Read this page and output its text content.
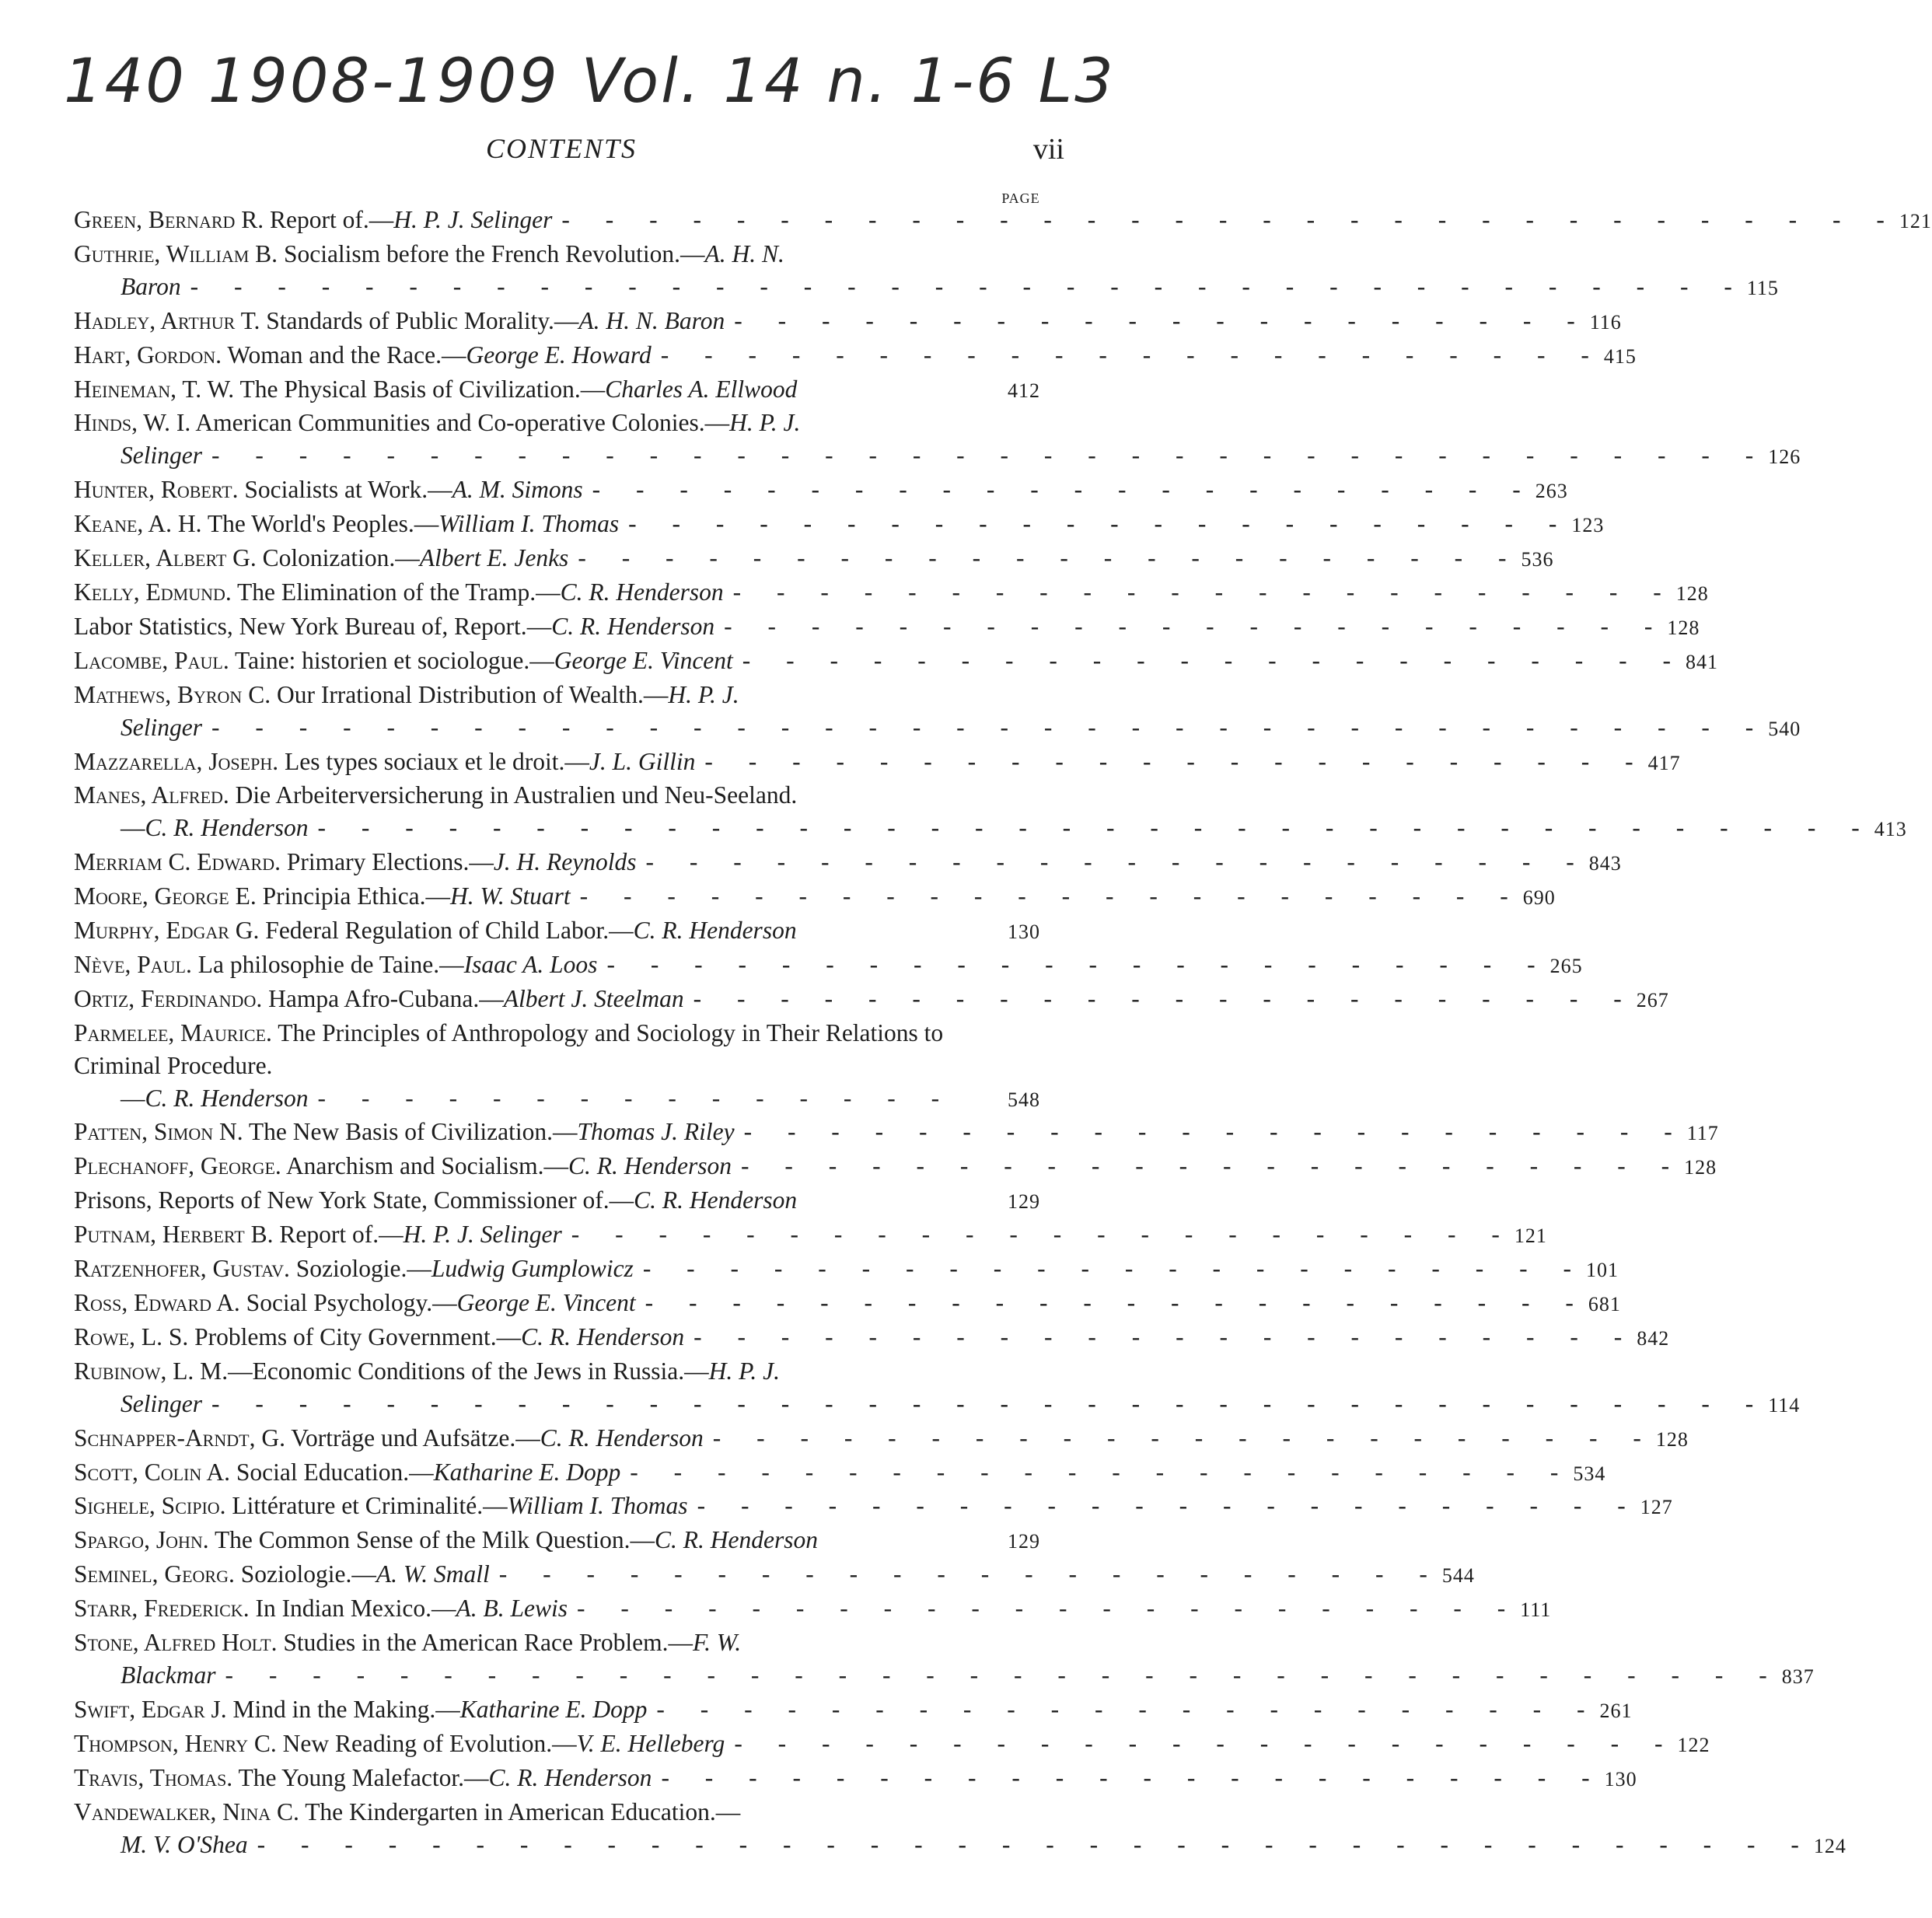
140 1908-1909 Vol. 14 n. 1-6 L3
CONTENTS	vii
PAGE
Green, Bernard R. Report of.—H. P. J. Selinger - - - - - - - - - - - - - - - - - - - - - - - - - - - - - - - 121
Guthrie, William B. Socialism before the French Revolution.—A. H. N.
Baron - - - - - - - - - - - - - - - - - - - - - - - - - - - - - - - - - - - - 115
Hadley, Arthur T. Standards of Public Morality.—A. H. N. Baron - - - - - - - - - - - - - - - - - - - - 116
Hart, Gordon. Woman and the Race.—George E. Howard - - - - - - - - - - - - - - - - - - - - - - 415
Heineman, T. W. The Physical Basis of Civilization.—Charles A. Ellwood	412
Hinds, W. I. American Communities and Co-operative Colonies.—H. P. J.
Selinger - - - - - - - - - - - - - - - - - - - - - - - - - - - - - - - - - - - - 126
Hunter, Robert. Socialists at Work.—A. M. Simons - - - - - - - - - - - - - - - - - - - - - - 263
Keane, A. H. The World's Peoples.—William I. Thomas - - - - - - - - - - - - - - - - - - - - - - 123
Keller, Albert G. Colonization.—Albert E. Jenks - - - - - - - - - - - - - - - - - - - - - - 536
Kelly, Edmund. The Elimination of the Tramp.—C. R. Henderson - - - - - - - - - - - - - - - - - - - - - - 128
Labor Statistics, New York Bureau of, Report.—C. R. Henderson - - - - - - - - - - - - - - - - - - - - - - 128
Lacombe, Paul. Taine: historien et sociologue.—George E. Vincent - - - - - - - - - - - - - - - - - - - - - - 841
Mathews, Byron C. Our Irrational Distribution of Wealth.—H. P. J.
Selinger - - - - - - - - - - - - - - - - - - - - - - - - - - - - - - - - - - - - 540
Mazzarella, Joseph. Les types sociaux et le droit.—J. L. Gillin - - - - - - - - - - - - - - - - - - - - - - 417
Manes, Alfred. Die Arbeiterversicherung in Australien und Neu-Seeland.
—C. R. Henderson - - - - - - - - - - - - - - - - - - - - - - - - - - - - - - - - - - - - 413
Merriam C. Edward. Primary Elections.—J. H. Reynolds - - - - - - - - - - - - - - - - - - - - - - 843
Moore, George E. Principia Ethica.—H. W. Stuart - - - - - - - - - - - - - - - - - - - - - - 690
Murphy, Edgar G. Federal Regulation of Child Labor.—C. R. Henderson	130
Nève, Paul. La philosophie de Taine.—Isaac A. Loos - - - - - - - - - - - - - - - - - - - - - - 265
Ortiz, Ferdinando. Hampa Afro-Cubana.—Albert J. Steelman - - - - - - - - - - - - - - - - - - - - - - 267
Parmelee, Maurice. The Principles of Anthropology and Sociology in Their Relations to Criminal Procedure.
—C. R. Henderson - - - - - - - - - - - - - - -	548
Patten, Simon N. The New Basis of Civilization.—Thomas J. Riley - - - - - - - - - - - - - - - - - - - - - - 117
Plechanoff, George. Anarchism and Socialism.—C. R. Henderson - - - - - - - - - - - - - - - - - - - - - - 128
Prisons, Reports of New York State, Commissioner of.—C. R. Henderson	129
Putnam, Herbert B. Report of.—H. P. J. Selinger - - - - - - - - - - - - - - - - - - - - - - 121
Ratzenhofer, Gustav. Soziologie.—Ludwig Gumplowicz - - - - - - - - - - - - - - - - - - - - - - 101
Ross, Edward A. Social Psychology.—George E. Vincent - - - - - - - - - - - - - - - - - - - - - - 681
Rowe, L. S. Problems of City Government.—C. R. Henderson - - - - - - - - - - - - - - - - - - - - - - 842
Rubinow, L. M.—Economic Conditions of the Jews in Russia.—H. P. J.
Selinger - - - - - - - - - - - - - - - - - - - - - - - - - - - - - - - - - - - - 114
Schnapper-Arndt, G. Vorträge und Aufsätze.—C. R. Henderson - - - - - - - - - - - - - - - - - - - - - - 128
Scott, Colin A. Social Education.—Katharine E. Dopp - - - - - - - - - - - - - - - - - - - - - - 534
Sighele, Scipio. Littérature et Criminalité.—William I. Thomas - - - - - - - - - - - - - - - - - - - - - - 127
Spargo, John. The Common Sense of the Milk Question.—C. R. Henderson	129
Seminel, Georg. Soziologie.—A. W. Small - - - - - - - - - - - - - - - - - - - - - - 544
Starr, Frederick. In Indian Mexico.—A. B. Lewis - - - - - - - - - - - - - - - - - - - - - - 111
Stone, Alfred Holt. Studies in the American Race Problem.—F. W.
Blackmar - - - - - - - - - - - - - - - - - - - - - - - - - - - - - - - - - - - - 837
Swift, Edgar J. Mind in the Making.—Katharine E. Dopp - - - - - - - - - - - - - - - - - - - - - - 261
Thompson, Henry C. New Reading of Evolution.—V. E. Helleberg - - - - - - - - - - - - - - - - - - - - - - 122
Travis, Thomas. The Young Malefactor.—C. R. Henderson - - - - - - - - - - - - - - - - - - - - - - 130
Vandewalker, Nina C. The Kindergarten in American Education.—
M. V. O'Shea - - - - - - - - - - - - - - - - - - - - - - - - - - - - - - - - - - - - 124
